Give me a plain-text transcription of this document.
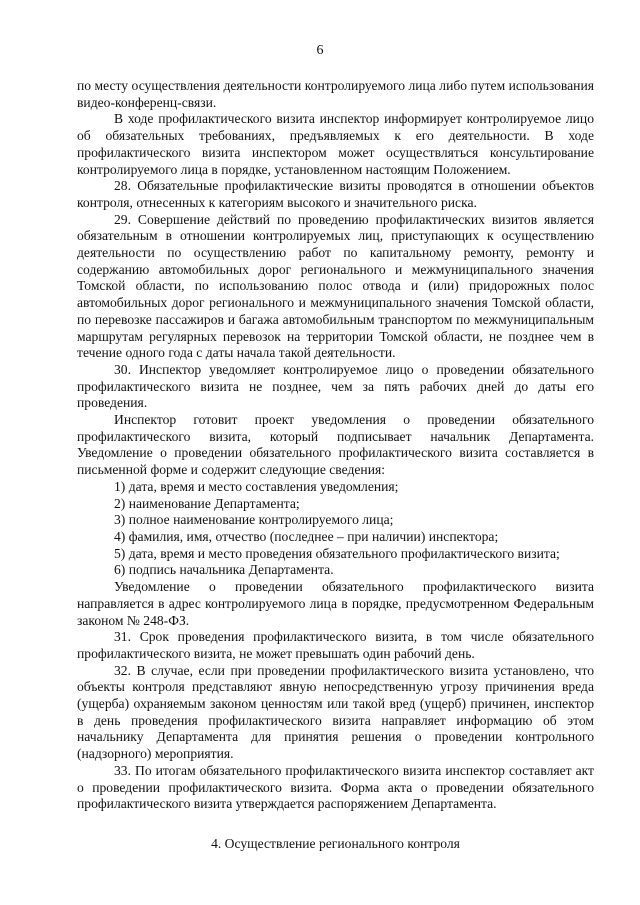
6

по месту осуществления деятельности контролируемого лица либо путем использования видео-конференц-связи.

В ходе профилактического визита инспектор информирует контролируемое лицо об обязательных требованиях, предъявляемых к его деятельности. В ходе профилактического визита инспектором может осуществляться консультирование контролируемого лица в порядке, установленном настоящим Положением.

28. Обязательные профилактические визиты проводятся в отношении объектов контроля, отнесенных к категориям высокого и значительного риска.

29. Совершение действий по проведению профилактических визитов является обязательным в отношении контролируемых лиц, приступающих к осуществлению деятельности по осуществлению работ по капитальному ремонту, ремонту и содержанию автомобильных дорог регионального и межмуниципального значения Томской области, по использованию полос отвода и (или) придорожных полос автомобильных дорог регионального и межмуниципального значения Томской области, по перевозке пассажиров и багажа автомобильным транспортом по межмуниципальным маршрутам регулярных перевозок на территории Томской области, не позднее чем в течение одного года с даты начала такой деятельности.

30. Инспектор уведомляет контролируемое лицо о проведении обязательного профилактического визита не позднее, чем за пять рабочих дней до даты его проведения.

Инспектор готовит проект уведомления о проведении обязательного профилактического визита, который подписывает начальник Департамента. Уведомление о проведении обязательного профилактического визита составляется в письменной форме и содержит следующие сведения:

1) дата, время и место составления уведомления;

2) наименование Департамента;

3) полное наименование контролируемого лица;

4) фамилия, имя, отчество (последнее – при наличии) инспектора;

5) дата, время и место проведения обязательного профилактического визита;

6) подпись начальника Департамента.

Уведомление о проведении обязательного профилактического визита направляется в адрес контролируемого лица в порядке, предусмотренном Федеральным законом № 248-ФЗ.

31. Срок проведения профилактического визита, в том числе обязательного профилактического визита, не может превышать один рабочий день.

32. В случае, если при проведении профилактического визита установлено, что объекты контроля представляют явную непосредственную угрозу причинения вреда (ущерба) охраняемым законом ценностям или такой вред (ущерб) причинен, инспектор в день проведения профилактического визита направляет информацию об этом начальнику Департамента для принятия решения о проведении контрольного (надзорного) мероприятия.

33. По итогам обязательного профилактического визита инспектор составляет акт о проведении профилактического визита. Форма акта о проведении обязательного профилактического визита утверждается распоряжением Департамента.

4. Осуществление регионального контроля
